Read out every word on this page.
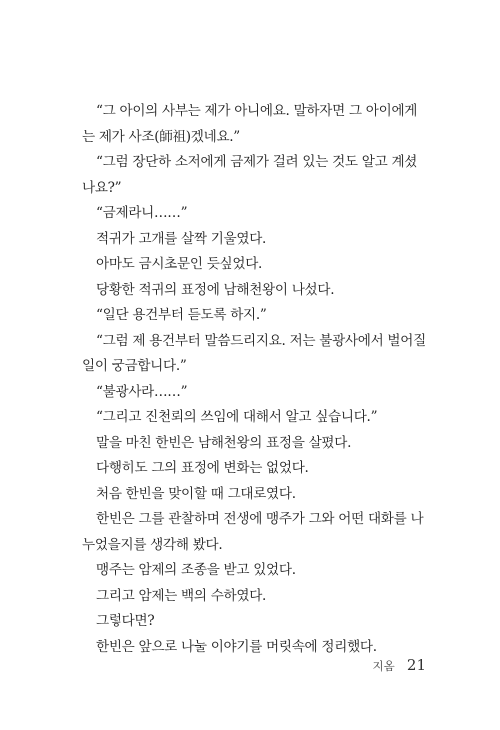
“그 아이의 사부는 제가 아니에요. 말하자면 그 아이에게
는 제가 사조(師祖)겠네요.”
“그럼 장단하 소저에게 금제가 걸려 있는 것도 알고 계셨
나요?”
“금제라니……”
적귀가 고개를 살짝 기울였다.
아마도 금시초문인 듯싶었다.
당황한 적귀의 표정에 남해천왕이 나섰다.
“일단 용건부터 듣도록 하지.”
“그럼 제 용건부터 말씀드리지요. 저는 불광사에서 벌어질
일이 궁금합니다.”
“불광사라……”
“그리고 진천뢰의 쓰임에 대해서 알고 싶습니다.”
말을 마친 한빈은 남해천왕의 표정을 살폈다.
다행히도 그의 표정에 변화는 없었다.
처음 한빈을 맞이할 때 그대로였다.
한빈은 그를 관찰하며 전생에 맹주가 그와 어떤 대화를 나
누었을지를 생각해 봤다.
맹주는 암제의 조종을 받고 있었다.
그리고 암제는 백의 수하였다.
그렇다면?
한빈은 앞으로 나눌 이야기를 머릿속에 정리했다.
지옴 21
